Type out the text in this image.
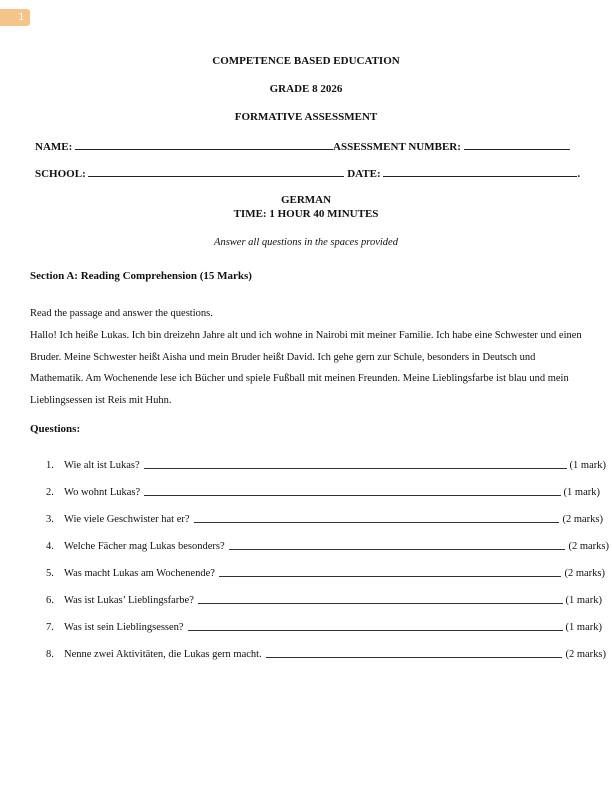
1
COMPETENCE BASED EDUCATION
GRADE 8 2026
FORMATIVE ASSESSMENT
NAME:	ASSESSMENT NUMBER:
SCHOOL:	DATE:	.
GERMAN
TIME: 1 HOUR 40 MINUTES
Answer all questions in the spaces provided
Section A: Reading Comprehension (15 Marks)

Read the passage and answer the questions.

Hallo! Ich heiße Lukas. Ich bin dreizehn Jahre alt und ich wohne in Nairobi mit meiner Familie. Ich habe eine Schwester und einen Bruder. Meine Schwester heißt Aisha und mein Bruder heißt David. Ich gehe gern zur Schule, besonders in Deutsch und Mathematik. Am Wochenende lese ich Bücher und spiele Fußball mit meinen Freunden. Meine Lieblingsfarbe ist blau und mein Lieblingsessen ist Reis mit Huhn.

Questions:
1. Wie alt ist Lukas?	(1 mark)
2. Wo wohnt Lukas?	(1 mark)
3. Wie viele Geschwister hat er?	(2 marks)
4. Welche Fächer mag Lukas besonders?	(2 marks)
5. Was macht Lukas am Wochenende?	(2 marks)
6. Was ist Lukas’ Lieblingsfarbe?	(1 mark)
7. Was ist sein Lieblingsessen?	(1 mark)
8. Nenne zwei Aktivitäten, die Lukas gern macht.	(2 marks)
